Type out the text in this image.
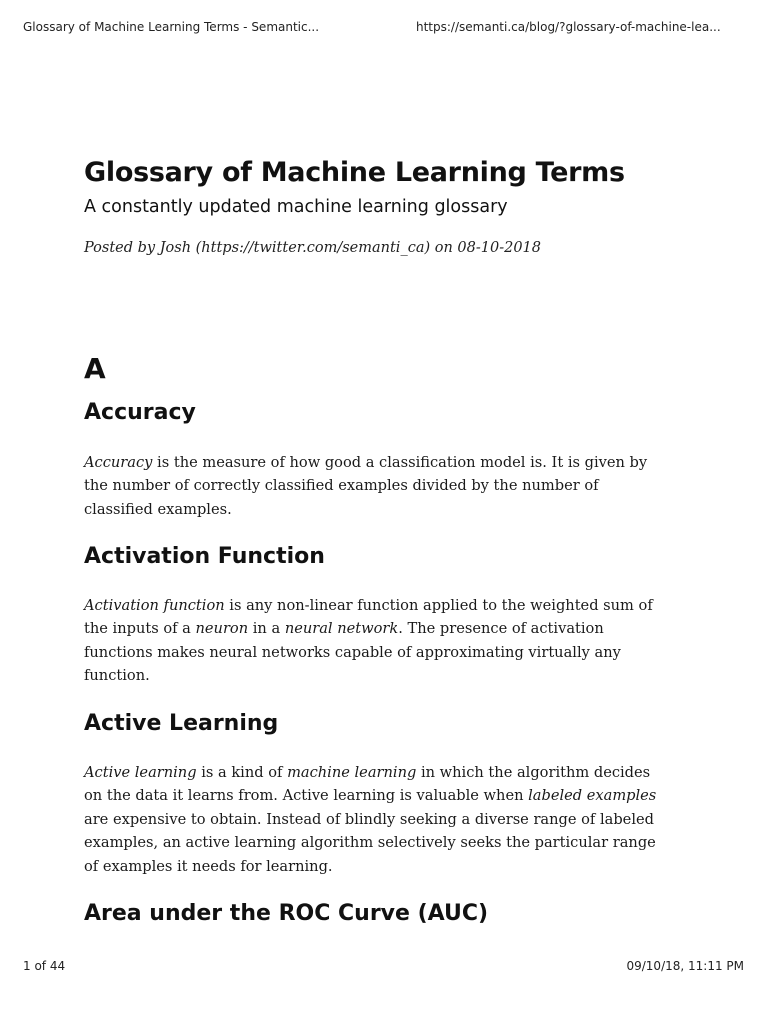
Glossary of Machine Learning Terms - Semantic...	https://semanti.ca/blog/?glossary-of-machine-lea...
Glossary of Machine Learning Terms

A constantly updated machine learning glossary

Posted by Josh (https://twitter.com/semanti_ca) on 08-10-2018

A
Accuracy

Accuracy is the measure of how good a classification model is. It is given by
the number of correctly classified examples divided by the number of
classified examples.

Activation Function

Activation function is any non-linear function applied to the weighted sum of
the inputs of a neuron in a neural network. The presence of activation
functions makes neural networks capable of approximating virtually any
function.

Active Learning

Active learning is a kind of machine learning in which the algorithm decides
on the data it learns from. Active learning is valuable when labeled examples
are expensive to obtain. Instead of blindly seeking a diverse range of labeled
examples, an active learning algorithm selectively seeks the particular range
of examples it needs for learning.

Area under the ROC Curve (AUC)
1 of 44	09/10/18, 11:11 PM
